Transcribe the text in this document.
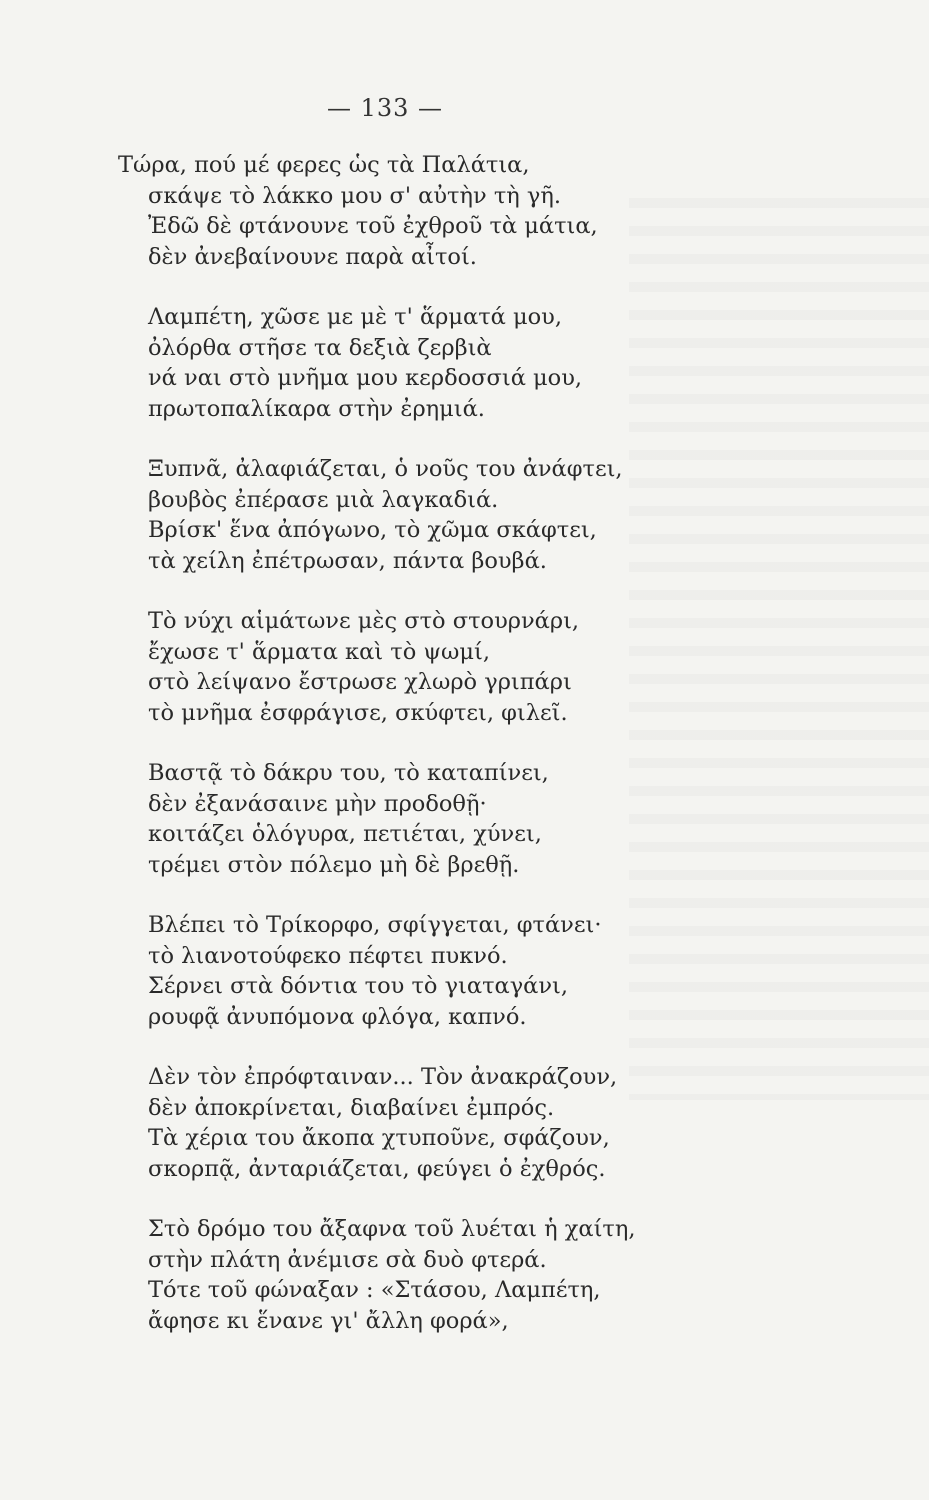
— 133 —
Τώρα, πού μέ φερες ὡς τὰ Παλάτια,
σκάψε τὸ λάκκο μου σ' αὐτὴν τὴ γῆ.
Ἐδῶ δὲ φτάνουνε τοῦ ἐχθροῦ τὰ μάτια,
δὲν ἀνεβαίνουνε παρὰ αἶτοί.
Λαμπέτη, χῶσε με μὲ τ' ἅρματά μου,
ὀλόρθα στῆσε τα δεξιὰ ζερβιὰ
νά ναι στὸ μνῆμα μου κερδοσσιά μου,
πρωτοπαλίκαρα στὴν ἐρημιά.
Ξυπνᾶ, ἀλαφιάζεται, ὁ νοῦς του ἀνάφτει,
βουβὸς ἐπέρασε μιὰ λαγκαδιά.
Βρίσκ' ἕνα ἀπόγωνο, τὸ χῶμα σκάφτει,
τὰ χείλη ἐπέτρωσαν, πάντα βουβά.
Τὸ νύχι αἱμάτωνε μὲς στὸ στουρνάρι,
ἔχωσε τ' ἅρματα καὶ τὸ ψωμί,
στὸ λείψανο ἔστρωσε χλωρὸ γριπάρι
τὸ μνῆμα ἐσφράγισε, σκύφτει, φιλεῖ.
Βαστᾷ τὸ δάκρυ του, τὸ καταπίνει,
δὲν ἐξανάσαινε μὴν προδοθῇ·
κοιτάζει ὁλόγυρα, πετιέται, χύνει,
τρέμει στὸν πόλεμο μὴ δὲ βρεθῇ.
Βλέπει τὸ Τρίκορφο, σφίγγεται, φτάνει·
τὸ λιανοτούφεκο πέφτει πυκνό.
Σέρνει στὰ δόντια του τὸ γιαταγάνι,
ρουφᾷ ἀνυπόμονα φλόγα, καπνό.
Δὲν τὸν ἐπρόφταιναν... Τὸν ἀνακράζουν,
δὲν ἀποκρίνεται, διαβαίνει ἐμπρός.
Τὰ χέρια του ἄκοπα χτυποῦνε, σφάζουν,
σκορπᾷ, ἀνταριάζεται, φεύγει ὁ ἐχθρός.
Στὸ δρόμο του ἄξαφνα τοῦ λυέται ἡ χαίτη,
στὴν πλάτη ἀνέμισε σὰ δυὸ φτερά.
Τότε τοῦ φώναξαν : «Στάσου, Λαμπέτη,
ἄφησε κι ἕνανε γι' ἄλλη φορά»,
